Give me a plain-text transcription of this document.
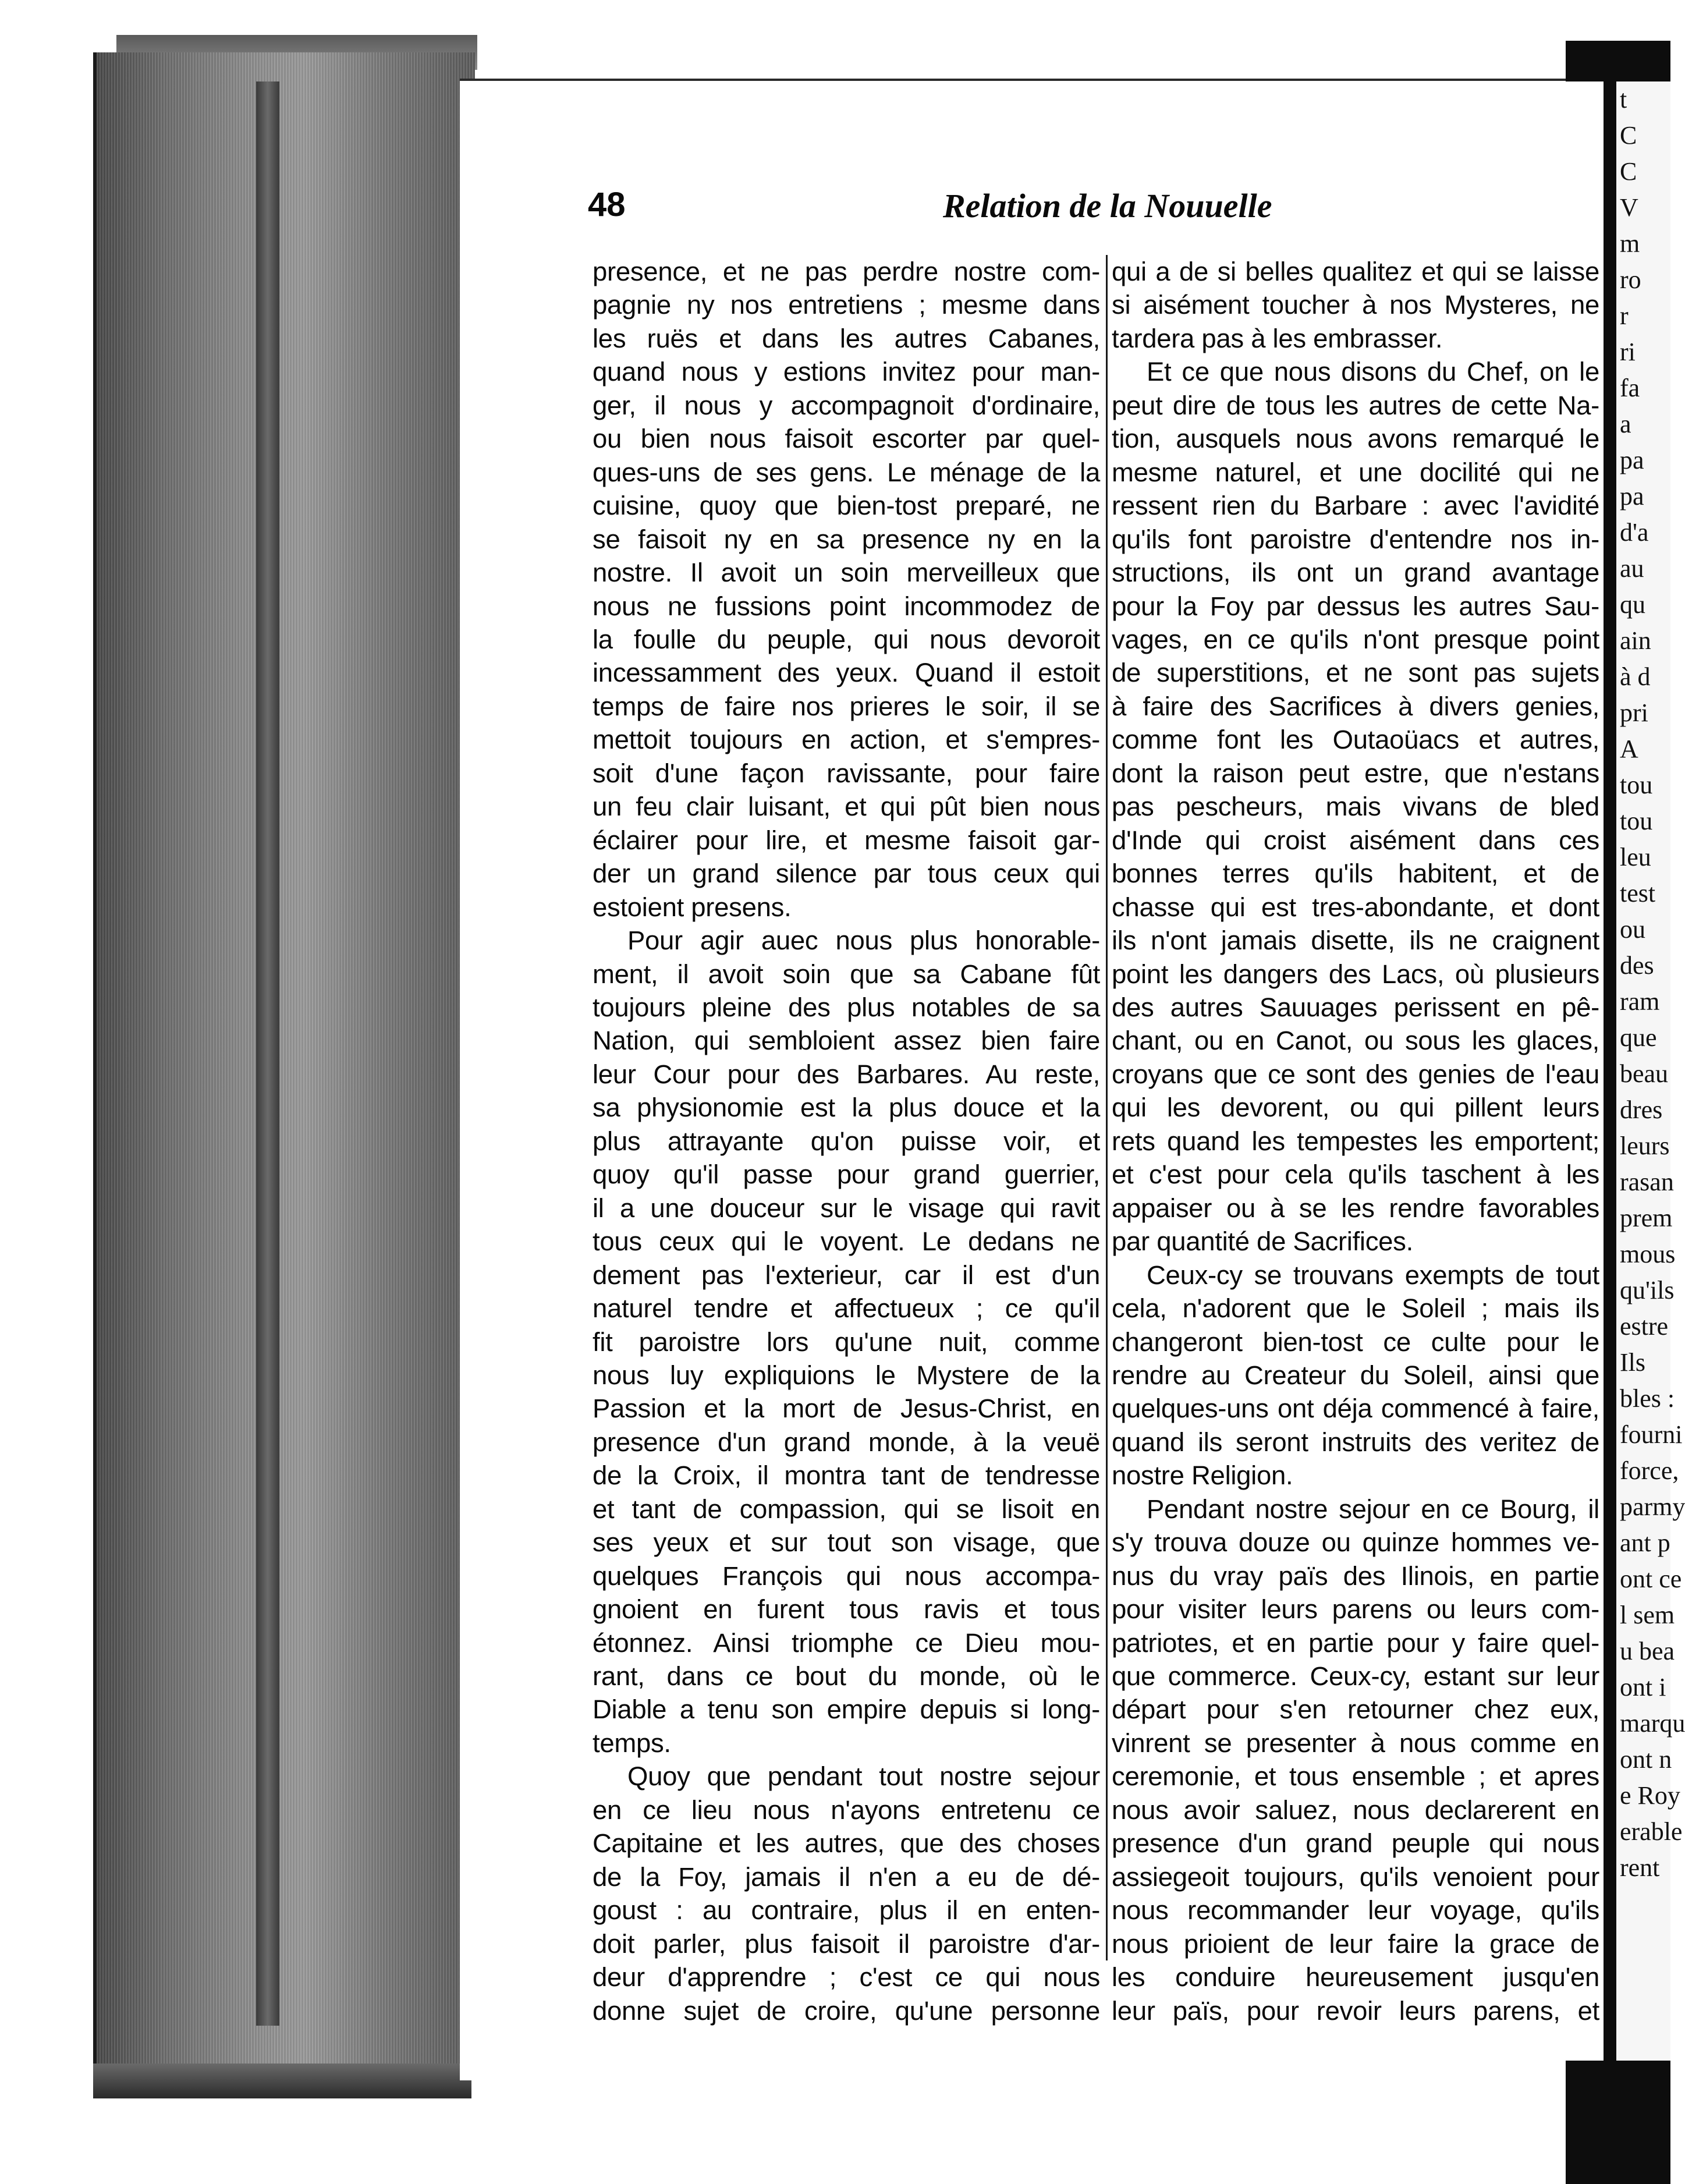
48	Relation de la Nouuelle
presence, et ne pas perdre nostre com-
pagnie ny nos entretiens ; mesme dans
les ruës et dans les autres Cabanes,
quand nous y estions invitez pour man-
ger, il nous y accompagnoit d'ordinaire,
ou bien nous faisoit escorter par quel-
ques-uns de ses gens. Le ménage de la
cuisine, quoy que bien-tost preparé, ne
se faisoit ny en sa presence ny en la
nostre. Il avoit un soin merveilleux que
nous ne fussions point incommodez de
la foulle du peuple, qui nous devoroit
incessamment des yeux. Quand il estoit
temps de faire nos prieres le soir, il se
mettoit toujours en action, et s'empres-
soit d'une façon ravissante, pour faire
un feu clair luisant, et qui pût bien nous
éclairer pour lire, et mesme faisoit gar-
der un grand silence par tous ceux qui
estoient presens.
Pour agir auec nous plus honorable-
ment, il avoit soin que sa Cabane fût
toujours pleine des plus notables de sa
Nation, qui sembloient assez bien faire
leur Cour pour des Barbares. Au reste,
sa physionomie est la plus douce et la
plus attrayante qu'on puisse voir, et
quoy qu'il passe pour grand guerrier,
il a une douceur sur le visage qui ravit
tous ceux qui le voyent. Le dedans ne
dement pas l'exterieur, car il est d'un
naturel tendre et affectueux ; ce qu'il
fit paroistre lors qu'une nuit, comme
nous luy expliquions le Mystere de la
Passion et la mort de Jesus-Christ, en
presence d'un grand monde, à la veuë
de la Croix, il montra tant de tendresse
et tant de compassion, qui se lisoit en
ses yeux et sur tout son visage, que
quelques François qui nous accompa-
gnoient en furent tous ravis et tous
étonnez. Ainsi triomphe ce Dieu mou-
rant, dans ce bout du monde, où le
Diable a tenu son empire depuis si long-
temps.
Quoy que pendant tout nostre sejour
en ce lieu nous n'ayons entretenu ce
Capitaine et les autres, que des choses
de la Foy, jamais il n'en a eu de dé-
goust : au contraire, plus il en enten-
doit parler, plus faisoit il paroistre d'ar-
deur d'apprendre ; c'est ce qui nous
donne sujet de croire, qu'une personne
qui a de si belles qualitez et qui se laisse
si aisément toucher à nos Mysteres, ne
tardera pas à les embrasser.
Et ce que nous disons du Chef, on le
peut dire de tous les autres de cette Na-
tion, ausquels nous avons remarqué le
mesme naturel, et une docilité qui ne
ressent rien du Barbare : avec l'avidité
qu'ils font paroistre d'entendre nos in-
structions, ils ont un grand avantage
pour la Foy par dessus les autres Sau-
vages, en ce qu'ils n'ont presque point
de superstitions, et ne sont pas sujets
à faire des Sacrifices à divers genies,
comme font les Outaoüacs et autres,
dont la raison peut estre, que n'estans
pas pescheurs, mais vivans de bled
d'Inde qui croist aisément dans ces
bonnes terres qu'ils habitent, et de
chasse qui est tres-abondante, et dont
ils n'ont jamais disette, ils ne craignent
point les dangers des Lacs, où plusieurs
des autres Sauuages perissent en pê-
chant, ou en Canot, ou sous les glaces,
croyans que ce sont des genies de l'eau
qui les devorent, ou qui pillent leurs
rets quand les tempestes les emportent;
et c'est pour cela qu'ils taschent à les
appaiser ou à se les rendre favorables
par quantité de Sacrifices.
Ceux-cy se trouvans exempts de tout
cela, n'adorent que le Soleil ; mais ils
changeront bien-tost ce culte pour le
rendre au Createur du Soleil, ainsi que
quelques-uns ont déja commencé à faire,
quand ils seront instruits des veritez de
nostre Religion.
Pendant nostre sejour en ce Bourg, il
s'y trouva douze ou quinze hommes ve-
nus du vray païs des Ilinois, en partie
pour visiter leurs parens ou leurs com-
patriotes, et en partie pour y faire quel-
que commerce. Ceux-cy, estant sur leur
départ pour s'en retourner chez eux,
vinrent se presenter à nous comme en
ceremonie, et tous ensemble ; et apres
nous avoir saluez, nous declarerent en
presence d'un grand peuple qui nous
assiegeoit toujours, qu'ils venoient pour
nous recommander leur voyage, qu'ils
nous prioient de leur faire la grace de
les conduire heureusement jusqu'en
leur païs, pour revoir leurs parens, et
t
C
C
V
m
ro
r
ri
fa
a
pa
pa
d'a
au
qu
ain
à d
pri
A
tou
tou
leu
test
ou
des
ram
que
beau
dres
leurs
rasan
prem
mous
qu'ils
estre
Ils
bles :
fourni
force,
parmy
ant p
ont ce
l sem
u bea
ont i
marqu
ont n
e Roy
erable
rent
